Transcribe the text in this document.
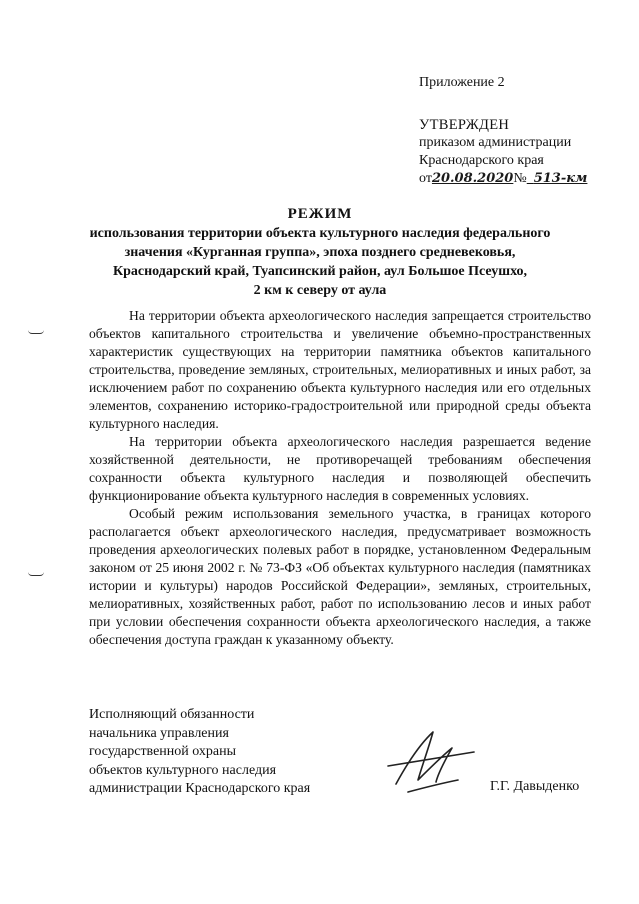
Приложение 2
УТВЕРЖДЕН
приказом администрации
Краснодарского края
от20.08.2020№ 513-км
РЕЖИМ
использования территории объекта культурного наследия федерального
значения «Курганная группа», эпоха позднего средневековья,
Краснодарский край, Туапсинский район, аул Большое Псеушхо,
2 км к северу от аула

На территории объекта археологического наследия запрещается строительство объектов капитального строительства и увеличение объемно-пространственных характеристик существующих на территории памятника объектов капитального строительства, проведение земляных, строительных, мелиоративных и иных работ, за исключением работ по сохранению объекта культурного наследия или его отдельных элементов, сохранению историко-градостроительной или природной среды объекта культурного наследия.

На территории объекта археологического наследия разрешается ведение хозяйственной деятельности, не противоречащей требованиям обеспечения сохранности объекта культурного наследия и позволяющей обеспечить функционирование объекта культурного наследия в современных условиях.

Особый режим использования земельного участка, в границах которого располагается объект археологического наследия, предусматривает возможность проведения археологических полевых работ в порядке, установленном Федеральным законом от 25 июня 2002 г. № 73-ФЗ «Об объектах культурного наследия (памятниках истории и культуры) народов Российской Федерации», земляных, строительных, мелиоративных, хозяйственных работ, работ по использованию лесов и иных работ при условии обеспечения сохранности объекта археологического наследия, а также обеспечения доступа граждан к указанному объекту.

Исполняющий обязанности
начальника управления
государственной охраны
объектов культурного наследия
администрации Краснодарского края	Г.Г. Давыденко
